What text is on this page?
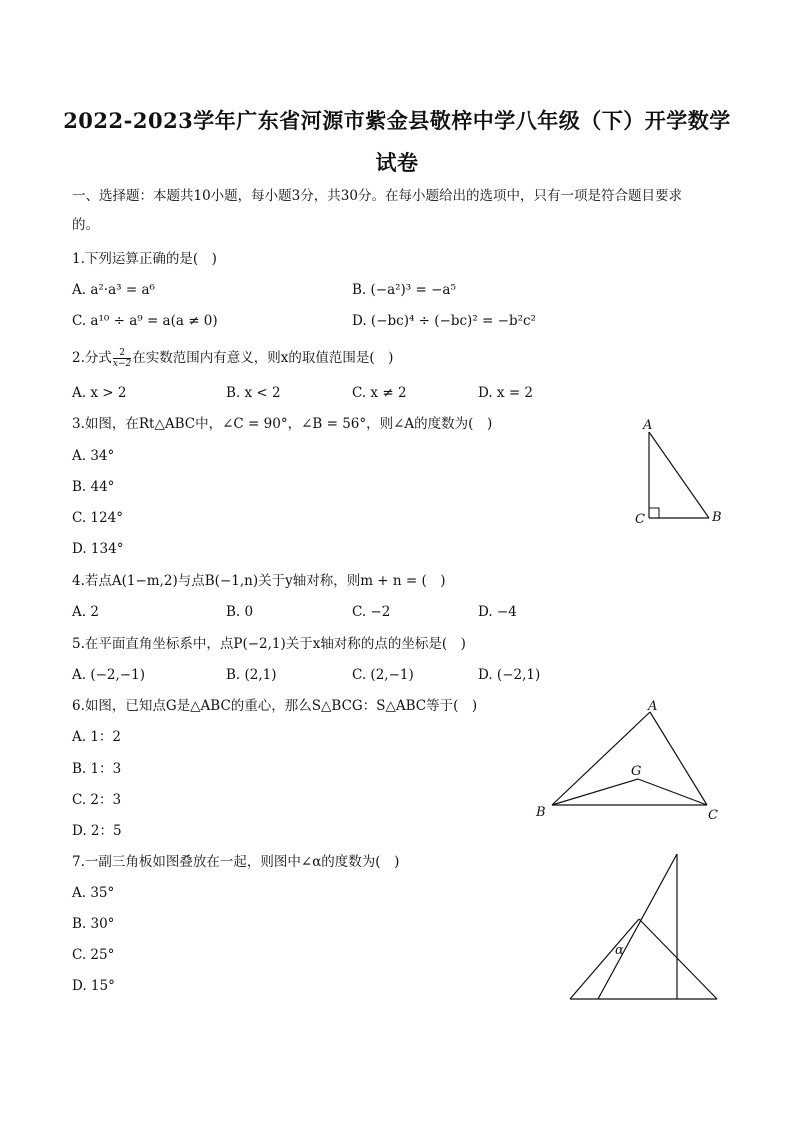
2022-2023学年广东省河源市紫金县敬梓中学八年级（下）开学数学
试卷
一、选择题：本题共10小题，每小题3分，共30分。在每小题给出的选项中，只有一项是符合题目要求
的。
1.下列运算正确的是(　)
A. a²·a³ = a⁶	B. (−a²)³ = −a⁵
C. a¹⁰ ÷ a⁹ = a(a ≠ 0)	D. (−bc)⁴ ÷ (−bc)² = −b²c²
2.分式 $\frac{2}{x-2}$ 在实数范围内有意义，则x的取值范围是(　)
A. x > 2	B. x < 2	C. x ≠ 2	D. x = 2
3.如图，在Rt△ABC中，∠C = 90°，∠B = 56°，则∠A的度数为(　)
A. 34°
B. 44°
C. 124°
D. 134°
A
C	B
4.若点A(1−m,2)与点B(−1,n)关于y轴对称，则m + n = (　)
A. 2	B. 0	C. −2	D. −4
5.在平面直角坐标系中，点P(−2,1)关于x轴对称的点的坐标是(　)
A. (−2,−1)	B. (2,1)	C. (2,−1)	D. (−2,1)
6.如图，已知点G是△ABC的重心，那么S△BCG：S△ABC等于(　)
A. 1：2
B. 1：3
C. 2：3
D. 2：5
A
G
B	C
7.一副三角板如图叠放在一起，则图中∠α的度数为(　)
A. 35°
B. 30°
C. 25°
D. 15°
α
